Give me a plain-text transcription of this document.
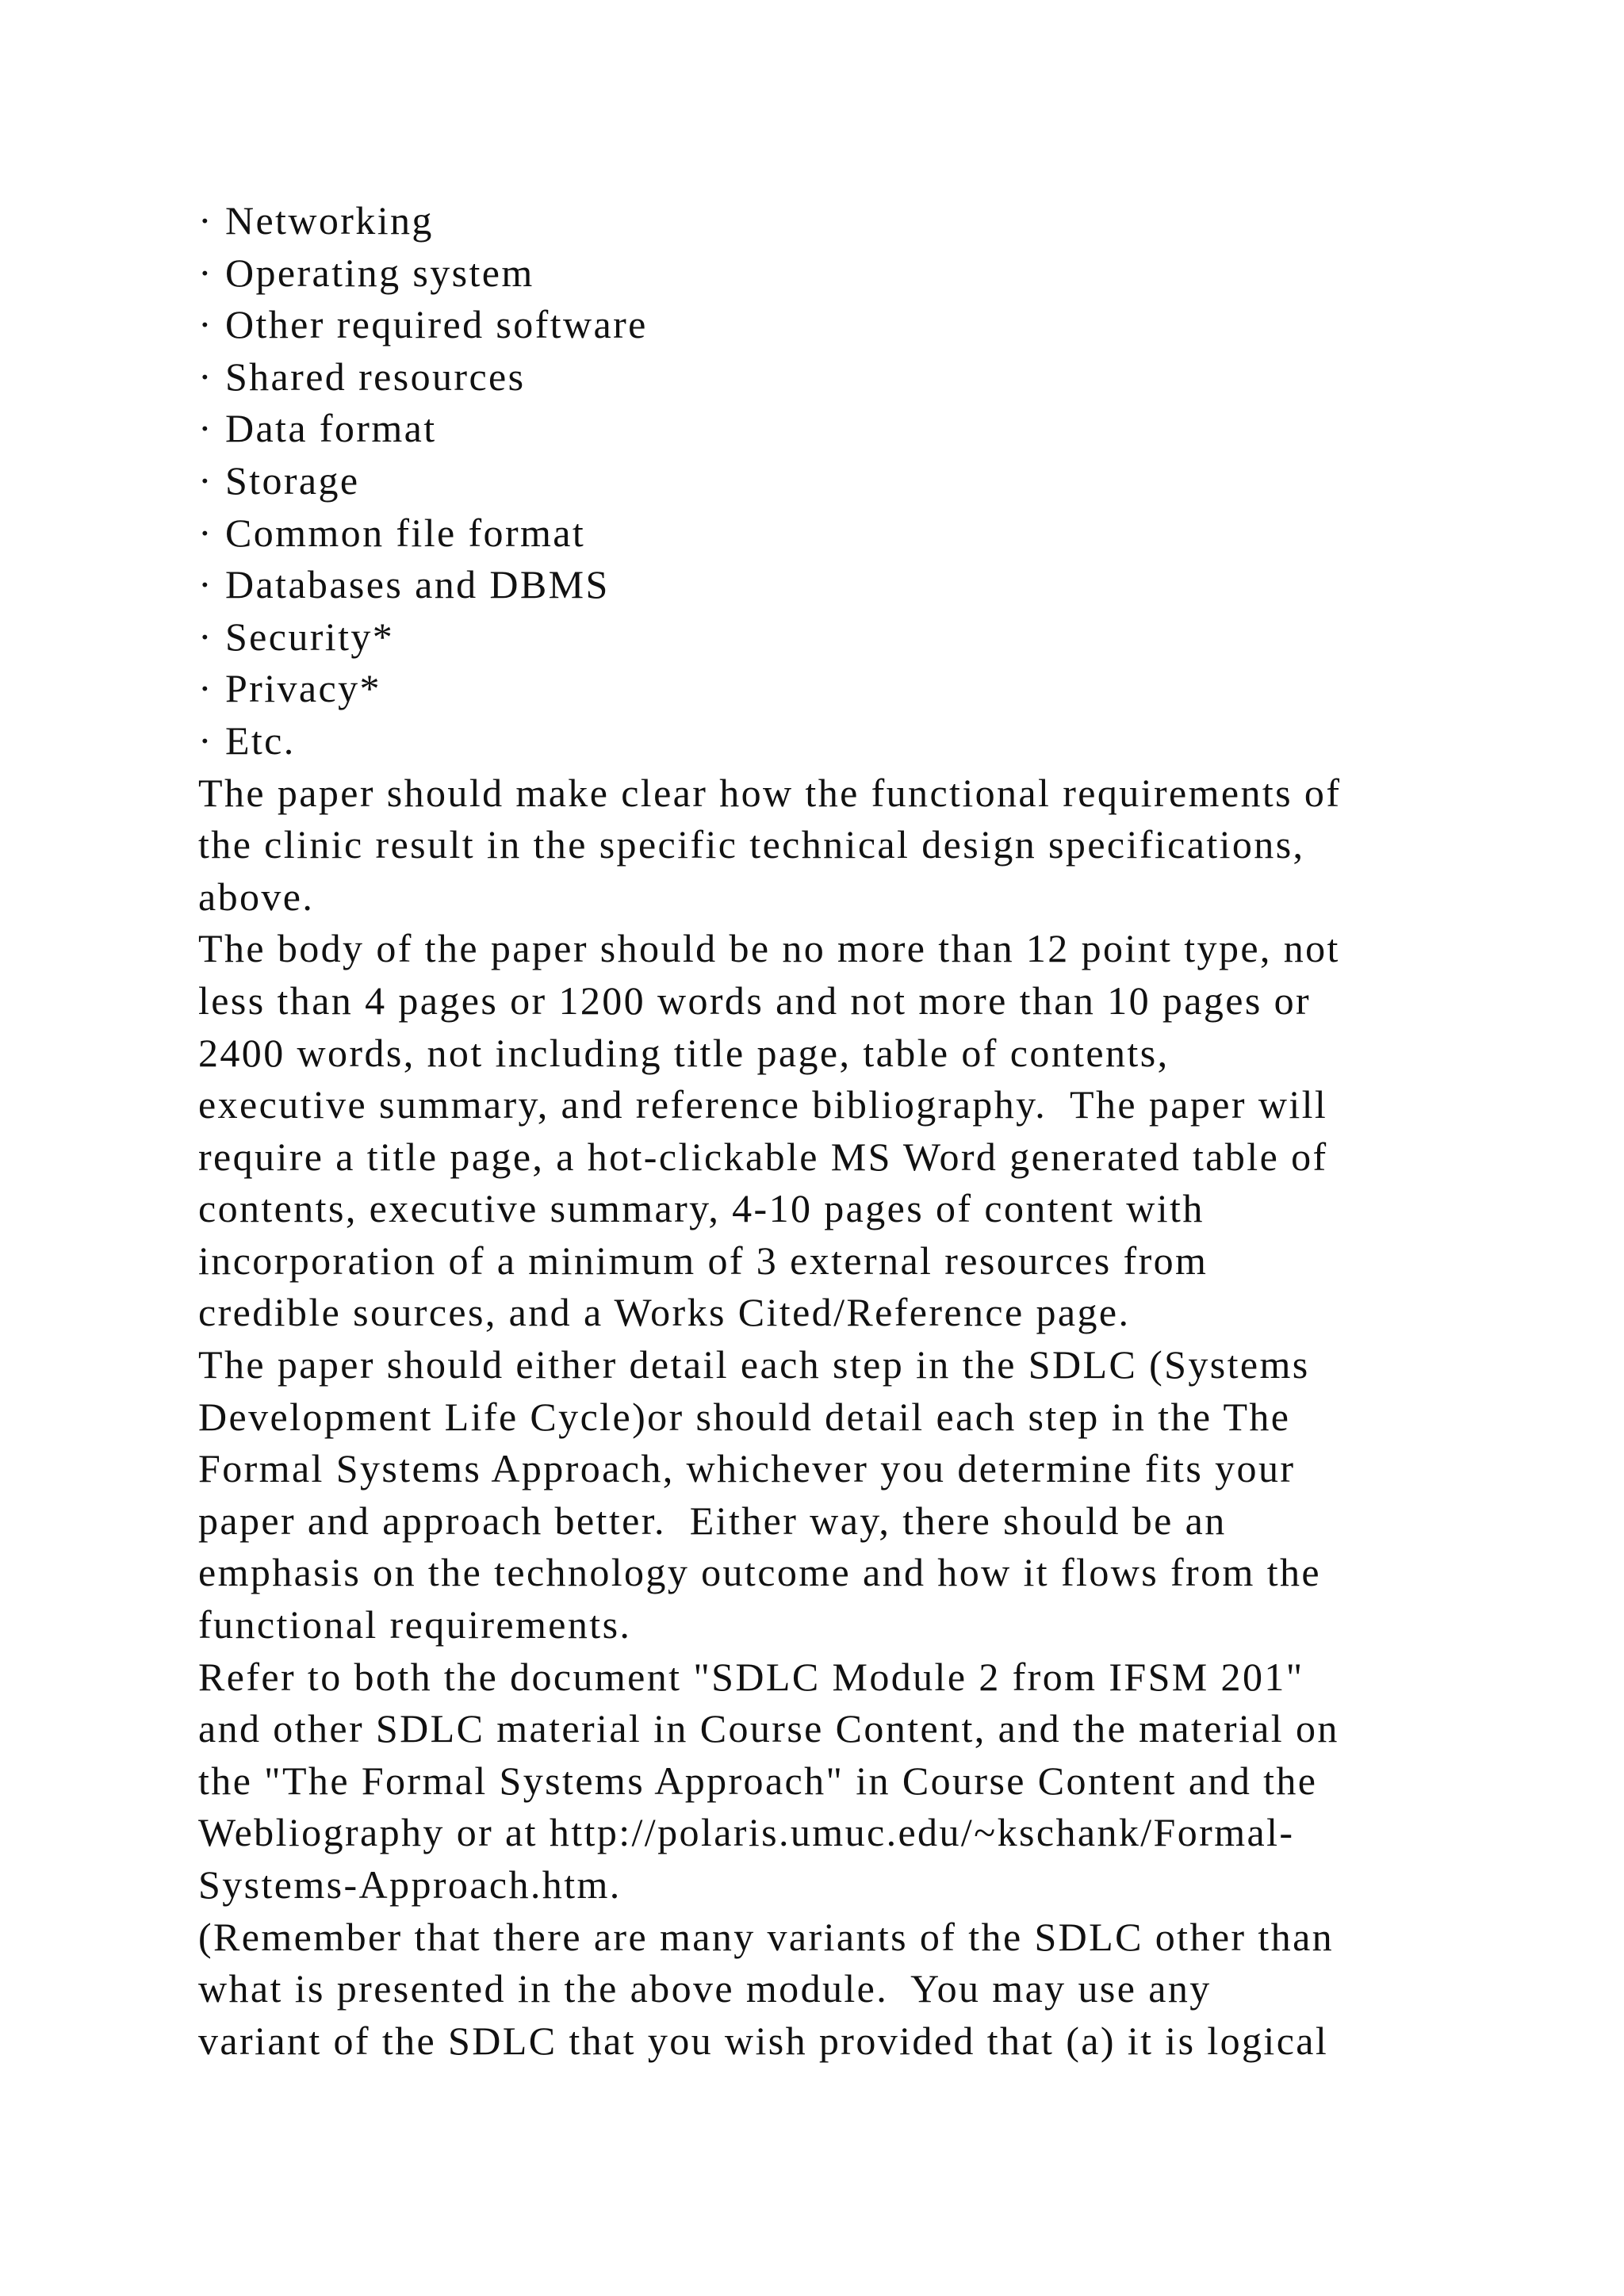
· Networking
· Operating system
· Other required software
· Shared resources
· Data format
· Storage
· Common file format
· Databases and DBMS
· Security*
· Privacy*
· Etc.
The paper should make clear how the functional requirements of
the clinic result in the specific technical design specifications,
above.
The body of the paper should be no more than 12 point type, not
less than 4 pages or 1200 words and not more than 10 pages or
2400 words, not including title page, table of contents,
executive summary, and reference bibliography.  The paper will
require a title page, a hot-clickable MS Word generated table of
contents, executive summary, 4-10 pages of content with
incorporation of a minimum of 3 external resources from
credible sources, and a Works Cited/Reference page.
The paper should either detail each step in the SDLC (Systems
Development Life Cycle)or should detail each step in the The
Formal Systems Approach, whichever you determine fits your
paper and approach better.  Either way, there should be an
emphasis on the technology outcome and how it flows from the
functional requirements.
Refer to both the document "SDLC Module 2 from IFSM 201"
and other SDLC material in Course Content, and the material on
the "The Formal Systems Approach" in Course Content and the
Webliography or at http://polaris.umuc.edu/~kschank/Formal-
Systems-Approach.htm.
(Remember that there are many variants of the SDLC other than
what is presented in the above module.  You may use any
variant of the SDLC that you wish provided that (a) it is logical
